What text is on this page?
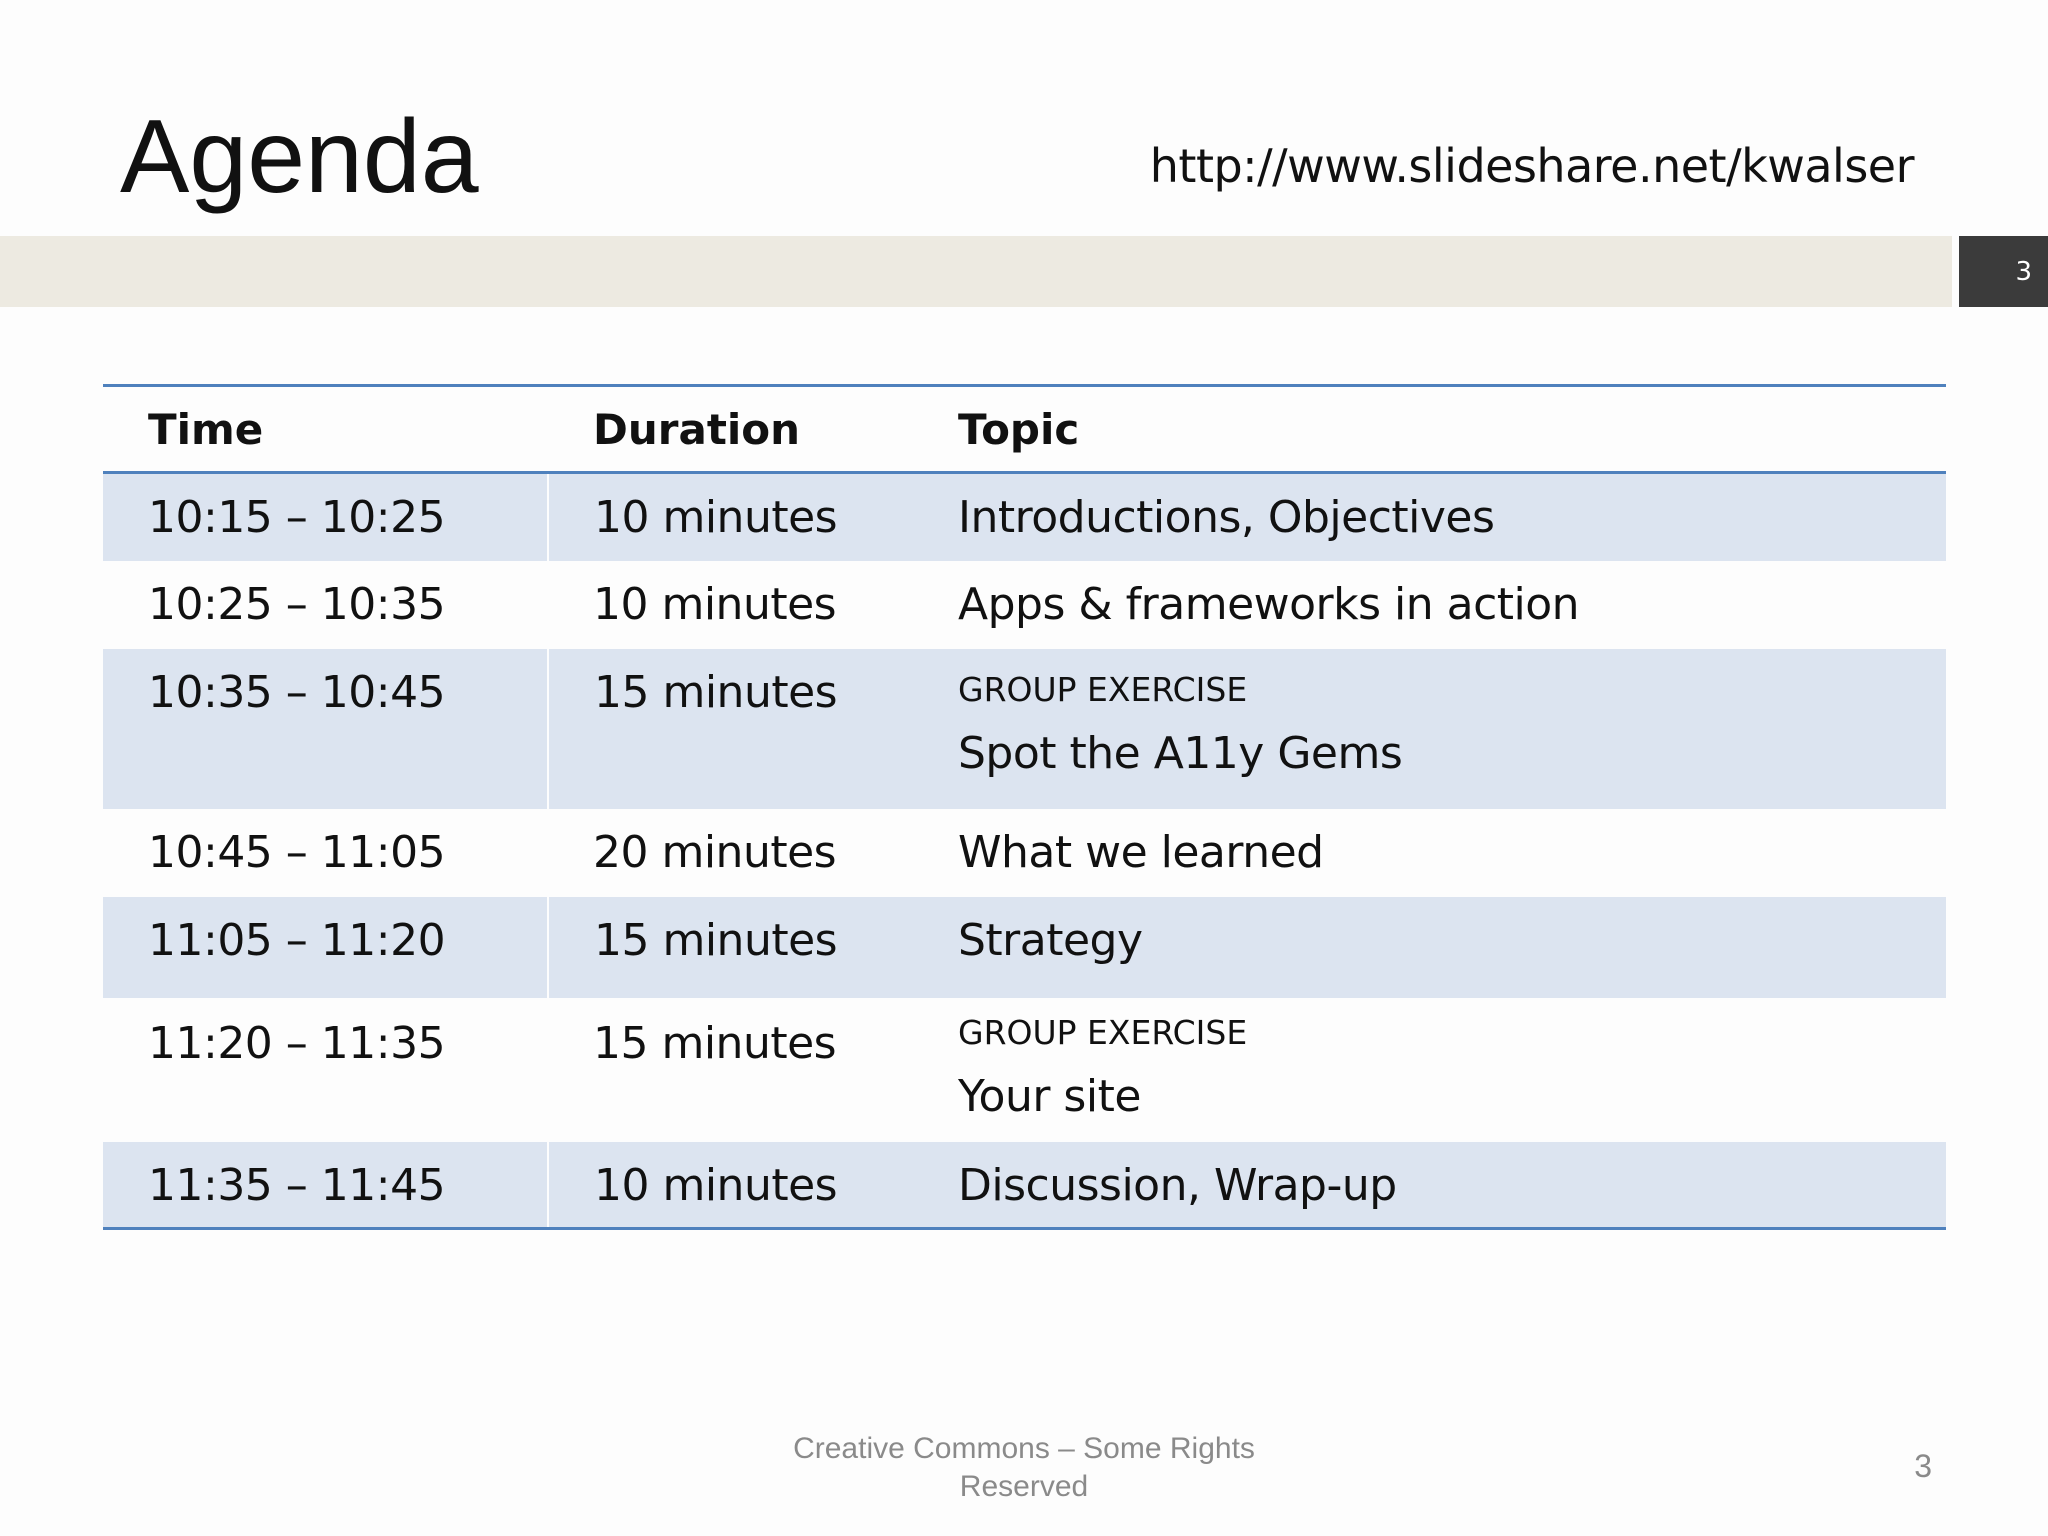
Agenda	http://www.slideshare.net/kwalser
3
Time	Duration	Topic
10:15 – 10:25	10 minutes	Introductions, Objectives
10:25 – 10:35	10 minutes	Apps & frameworks in action
10:35 – 10:45	15 minutes	GROUP EXERCISE
Spot the A11y Gems

10:45 – 11:05	20 minutes	What we learned
11:05 – 11:20	15 minutes	Strategy
11:20 – 11:35	15 minutes	GROUP EXERCISE
Your site

11:35 – 11:45	10 minutes	Discussion, Wrap-up
Creative Commons – Some Rights Reserved
3
